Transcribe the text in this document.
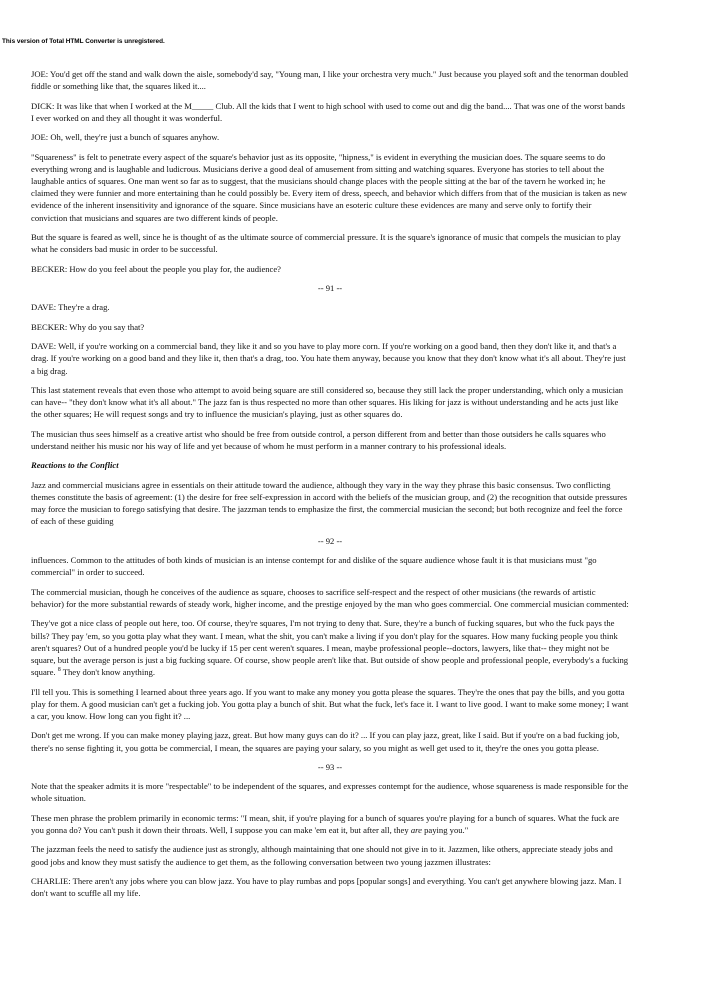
This version of Total HTML Converter is unregistered.

JOE: You'd get off the stand and walk down the aisle, somebody'd say, "Young man, I like your orchestra very much." Just because you played soft and the tenorman doubled fiddle or something like that, the squares liked it....

DICK: It was like that when I worked at the M_____ Club. All the kids that I went to high school with used to come out and dig the band.... That was one of the worst bands I ever worked on and they all thought it was wonderful.

JOE: Oh, well, they're just a bunch of squares anyhow.

"Squareness" is felt to penetrate every aspect of the square's behavior just as its opposite, "hipness," is evident in everything the musician does. The square seems to do everything wrong and is laughable and ludicrous. Musicians derive a good deal of amusement from sitting and watching squares. Everyone has stories to tell about the laughable antics of squares. One man went so far as to suggest, that the musicians should change places with the people sitting at the bar of the tavern he worked in; he claimed they were funnier and more entertaining than he could possibly be. Every item of dress, speech, and behavior which differs from that of the musician is taken as new evidence of the inherent insensitivity and ignorance of the square. Since musicians have an esoteric culture these evidences are many and serve only to fortify their conviction that musicians and squares are two different kinds of people.

But the square is feared as well, since he is thought of as the ultimate source of commercial pressure. It is the square's ignorance of music that compels the musician to play what he considers bad music in order to be successful.

BECKER: How do you feel about the people you play for, the audience?

-- 91 --

DAVE: They're a drag.

BECKER: Why do you say that?

DAVE: Well, if you're working on a commercial band, they like it and so you have to play more corn. If you're working on a good band, then they don't like it, and that's a drag. If you're working on a good band and they like it, then that's a drag, too. You hate them anyway, because you know that they don't know what it's all about. They're just a big drag.

This last statement reveals that even those who attempt to avoid being square are still considered so, because they still lack the proper understanding, which only a musician can have-- "they don't know what it's all about." The jazz fan is thus respected no more than other squares. His liking for jazz is without understanding and he acts just like the other squares; He will request songs and try to influence the musician's playing, just as other squares do.

The musician thus sees himself as a creative artist who should be free from outside control, a person different from and better than those outsiders he calls squares who understand neither his music nor his way of life and yet because of whom he must perform in a manner contrary to his professional ideals.

Reactions to the Conflict

Jazz and commercial musicians agree in essentials on their attitude toward the audience, although they vary in the way they phrase this basic consensus. Two conflicting themes constitute the basis of agreement: (1) the desire for free self-expression in accord with the beliefs of the musician group, and (2) the recognition that outside pressures may force the musician to forego satisfying that desire. The jazzman tends to emphasize the first, the commercial musician the second; but both recognize and feel the force of each of these guiding

-- 92 --

influences. Common to the attitudes of both kinds of musician is an intense contempt for and dislike of the square audience whose fault it is that musicians must "go commercial" in order to succeed.

The commercial musician, though he conceives of the audience as square, chooses to sacrifice self-respect and the respect of other musicians (the rewards of artistic behavior) for the more substantial rewards of steady work, higher income, and the prestige enjoyed by the man who goes commercial. One commercial musician commented:

They've got a nice class of people out here, too. Of course, they're squares, I'm not trying to deny that. Sure, they're a bunch of fucking squares, but who the fuck pays the bills? They pay 'em, so you gotta play what they want. I mean, what the shit, you can't make a living if you don't play for the squares. How many fucking people you think aren't squares? Out of a hundred people you'd be lucky if 15 per cent weren't squares. I mean, maybe professional people--doctors, lawyers, like that-- they might not be square, but the average person is just a big fucking square. Of course, show people aren't like that. But outside of show people and professional people, everybody's a fucking square. $^8$ They don't know anything.

I'll tell you. This is something I learned about three years ago. If you want to make any money you gotta please the squares. They're the ones that pay the bills, and you gotta play for them. A good musician can't get a fucking job. You gotta play a bunch of shit. But what the fuck, let's face it. I want to live good. I want to make some money; I want a car, you know. How long can you fight it? ...

Don't get me wrong. If you can make money playing jazz, great. But how many guys can do it? ... If you can play jazz, great, like I said. But if you're on a bad fucking job, there's no sense fighting it, you gotta be commercial, I mean, the squares are paying your salary, so you might as well get used to it, they're the ones you gotta please.

-- 93 --

Note that the speaker admits it is more "respectable" to be independent of the squares, and expresses contempt for the audience, whose squareness is made responsible for the whole situation.

These men phrase the problem primarily in economic terms: "I mean, shit, if you're playing for a bunch of squares you're playing for a bunch of squares. What the fuck are you gonna do? You can't push it down their throats. Well, I suppose you can make 'em eat it, but after all, they are paying you."

The jazzman feels the need to satisfy the audience just as strongly, although maintaining that one should not give in to it. Jazzmen, like others, appreciate steady jobs and good jobs and know they must satisfy the audience to get them, as the following conversation between two young jazzmen illustrates:

CHARLIE: There aren't any jobs where you can blow jazz. You have to play rumbas and pops [popular songs] and everything. You can't get anywhere blowing jazz. Man. I don't want to scuffle all my life.
